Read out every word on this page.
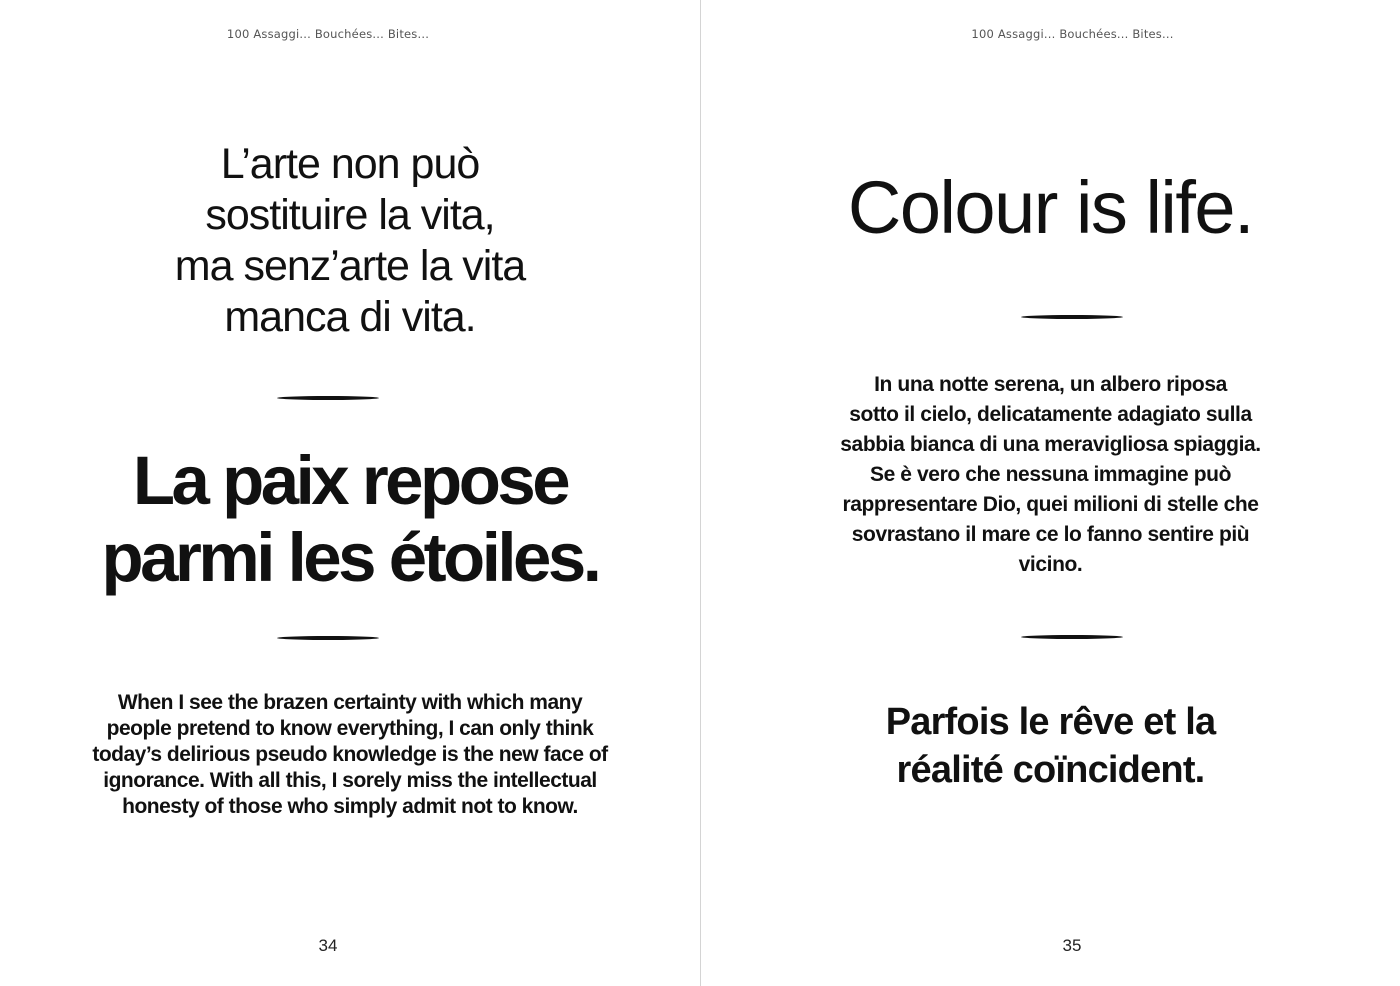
100 Assaggi... Bouchées... Bites...

L’arte non può
sostituire la vita,
ma senz’arte la vita
manca di vita.

La paix repose
parmi les étoiles.

When I see the brazen certainty with which many
people pretend to know everything, I can only think
today’s delirious pseudo knowledge is the new face of
ignorance. With all this, I sorely miss the intellectual
honesty of those who simply admit not to know.

34
100 Assaggi... Bouchées... Bites...

Colour is life.

In una notte serena, un albero riposa
sotto il cielo, delicatamente adagiato sulla
sabbia bianca di una meravigliosa spiaggia.
Se è vero che nessuna immagine può
rappresentare Dio, quei milioni di stelle che
sovrastano il mare ce lo fanno sentire più
vicino.

Parfois le rêve et la
réalité coïncident.

35
